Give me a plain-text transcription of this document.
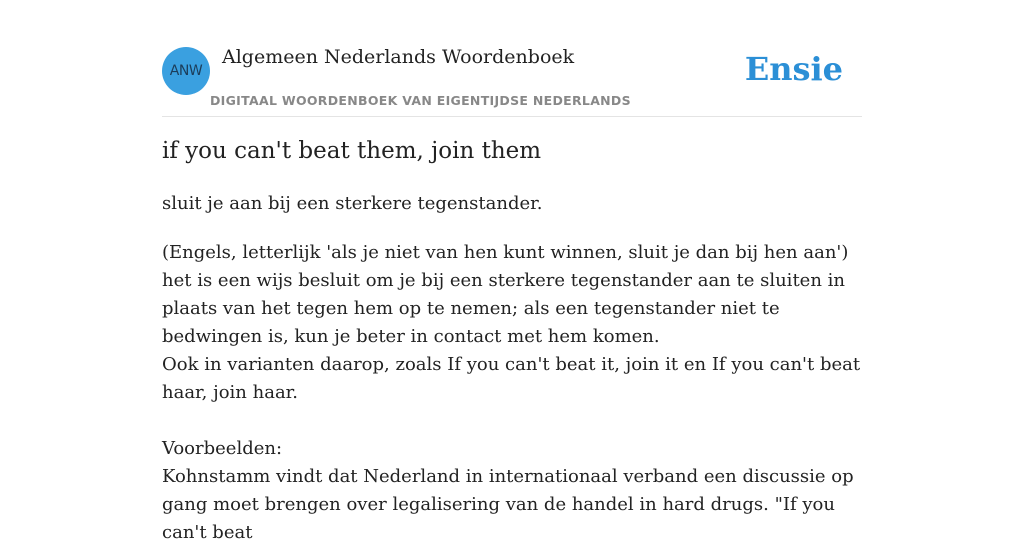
ANW
Algemeen Nederlands Woordenboek
DIGITAAL WOORDENBOEK VAN EIGENTIJDSE NEDERLANDS
Ensie
if you can't beat them, join them
sluit je aan bij een sterkere tegenstander.

(Engels, letterlijk 'als je niet van hen kunt winnen, sluit je dan bij hen aan') het is een wijs besluit om je bij een sterkere tegenstander aan te sluiten in plaats van het tegen hem op te nemen; als een tegenstander niet te bedwingen is, kun je beter in contact met hem komen.

Ook in varianten daarop, zoals If you can't beat it, join it en If you can't beat haar, join haar.

Voorbeelden:

Kohnstamm vindt dat Nederland in internationaal verband een discussie op gang moet brengen over legalisering van de handel in hard drugs. "If you can't beat
